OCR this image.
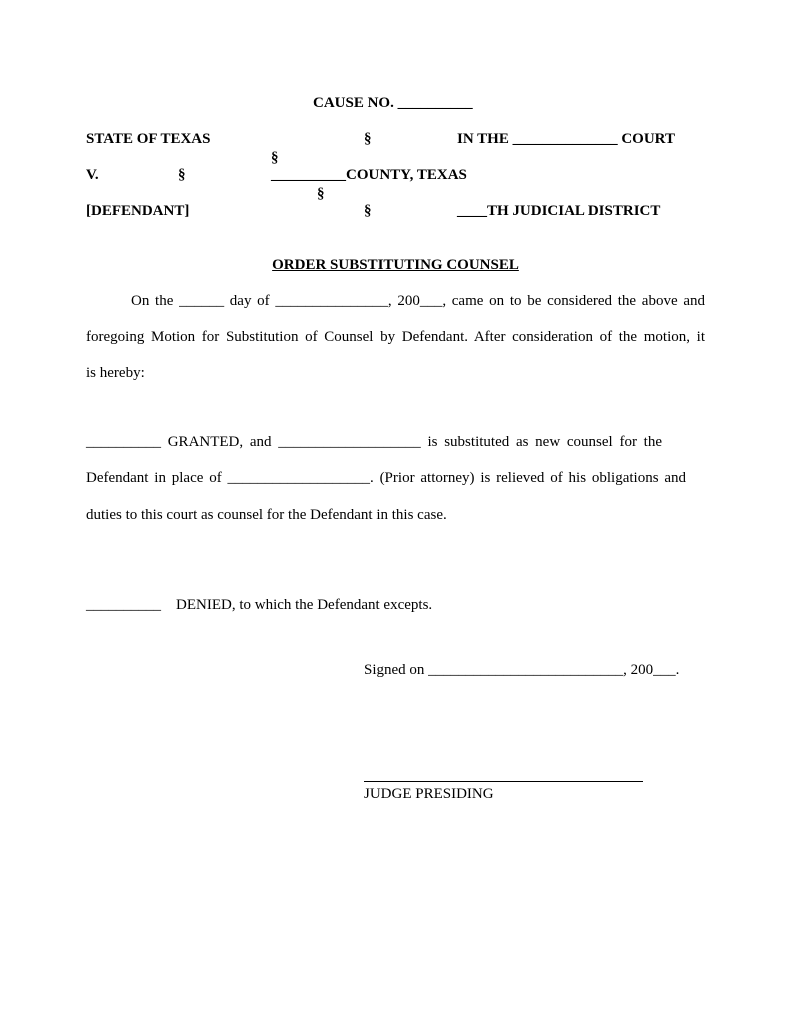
CAUSE NO. __________
STATE OF TEXAS	§	IN THE ______________ COURT
§
V.	§	__________COUNTY, TEXAS
§
[DEFENDANT]	§	____TH JUDICIAL DISTRICT
ORDER SUBSTITUTING COUNSEL
On the ______ day of _______________, 200___, came on to be considered the above and
foregoing Motion for Substitution of Counsel by Defendant. After consideration of the motion, it
is hereby:
__________ GRANTED, and ___________________ is substituted as new counsel for the
Defendant in place of ___________________. (Prior attorney) is relieved of his obligations and
duties to this court as counsel for the Defendant in this case.
__________    DENIED, to which the Defendant excepts.
Signed on __________________________, 200___.
JUDGE PRESIDING
